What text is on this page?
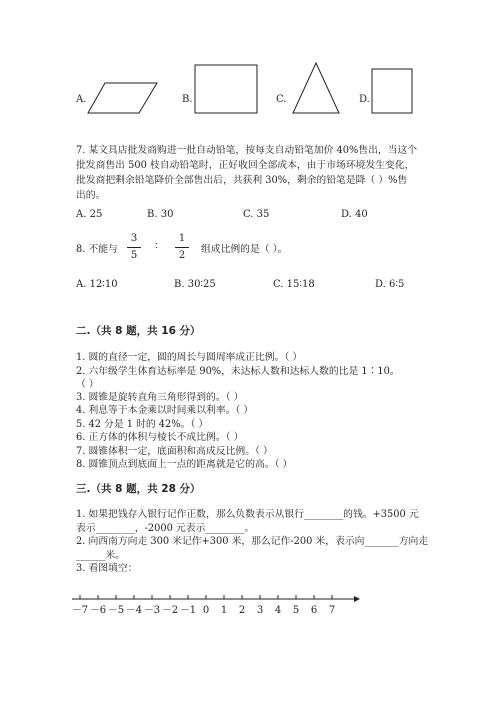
A.	B.	C.	D.
7. 某文具店批发商购进一批自动铅笔，按每支自动铅笔加价 40%售出，当这个
批发商售出 500 枝自动铅笔时，正好收回全部成本，由于市场环境发生变化，
批发商把剩余铅笔降价全部售出后，共获利 30%，剩余的铅笔是降（ ）%售
出的。
A. 25	B. 30	C. 35	D. 40
8. 不能与
3
5
∶
1
2
组成比例的是（ ）。
A. 12∶10	B. 30∶25	C. 15∶18	D. 6∶5
二.（共 8 题，共 16 分）
1. 圆的直径一定，圆的周长与圆周率成正比例。（ ）
2. 六年级学生体育达标率是 90%，未达标人数和达标人数的比是 1∶10。
（ ）
3. 圆锥是旋转直角三角形得到的。（ ）
4. 利息等于本金乘以时间乘以利率。（ ）
5. 42 分是 1 时的 42%。（ ）
6. 正方体的体积与棱长不成比例。（ ）
7. 圆锥体积一定，底面积和高成反比例。（ ）
8. 圆锥顶点到底面上一点的距离就是它的高。（ ）
三.（共 8 题，共 28 分）
1. 如果把钱存入银行记作正数，那么负数表示从银行________的钱。+3500 元
表示________，-2000 元表示________。
2. 向西南方向走 300 米记作+300 米，那么记作-200 米，表示向_______方向走
______米。
3. 看图填空：
－7 －6 －5 －4 －3 －2 －1 0 1 2 3 4 5 6 7
